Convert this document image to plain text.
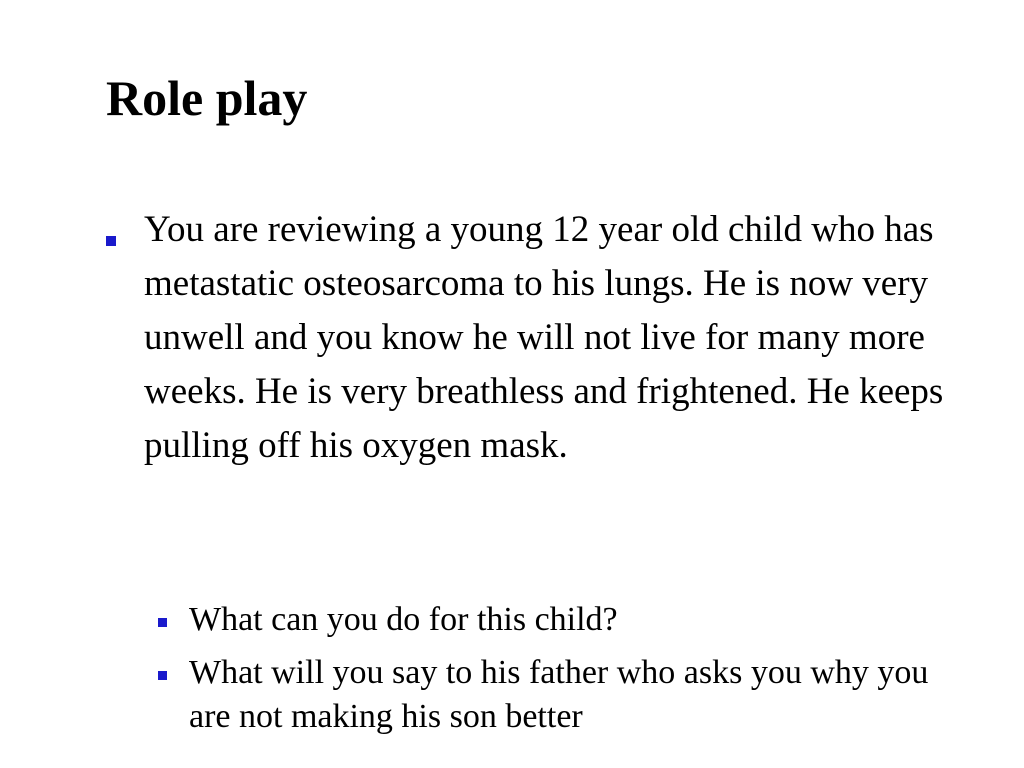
Role play
You are reviewing a young 12 year old child who has metastatic osteosarcoma to his lungs. He is now very unwell and you know he will not live for many more weeks. He is very breathless and frightened. He keeps pulling off his oxygen mask.
What can you do for this child?
What will you say to his father who asks you why you are not making his son better
